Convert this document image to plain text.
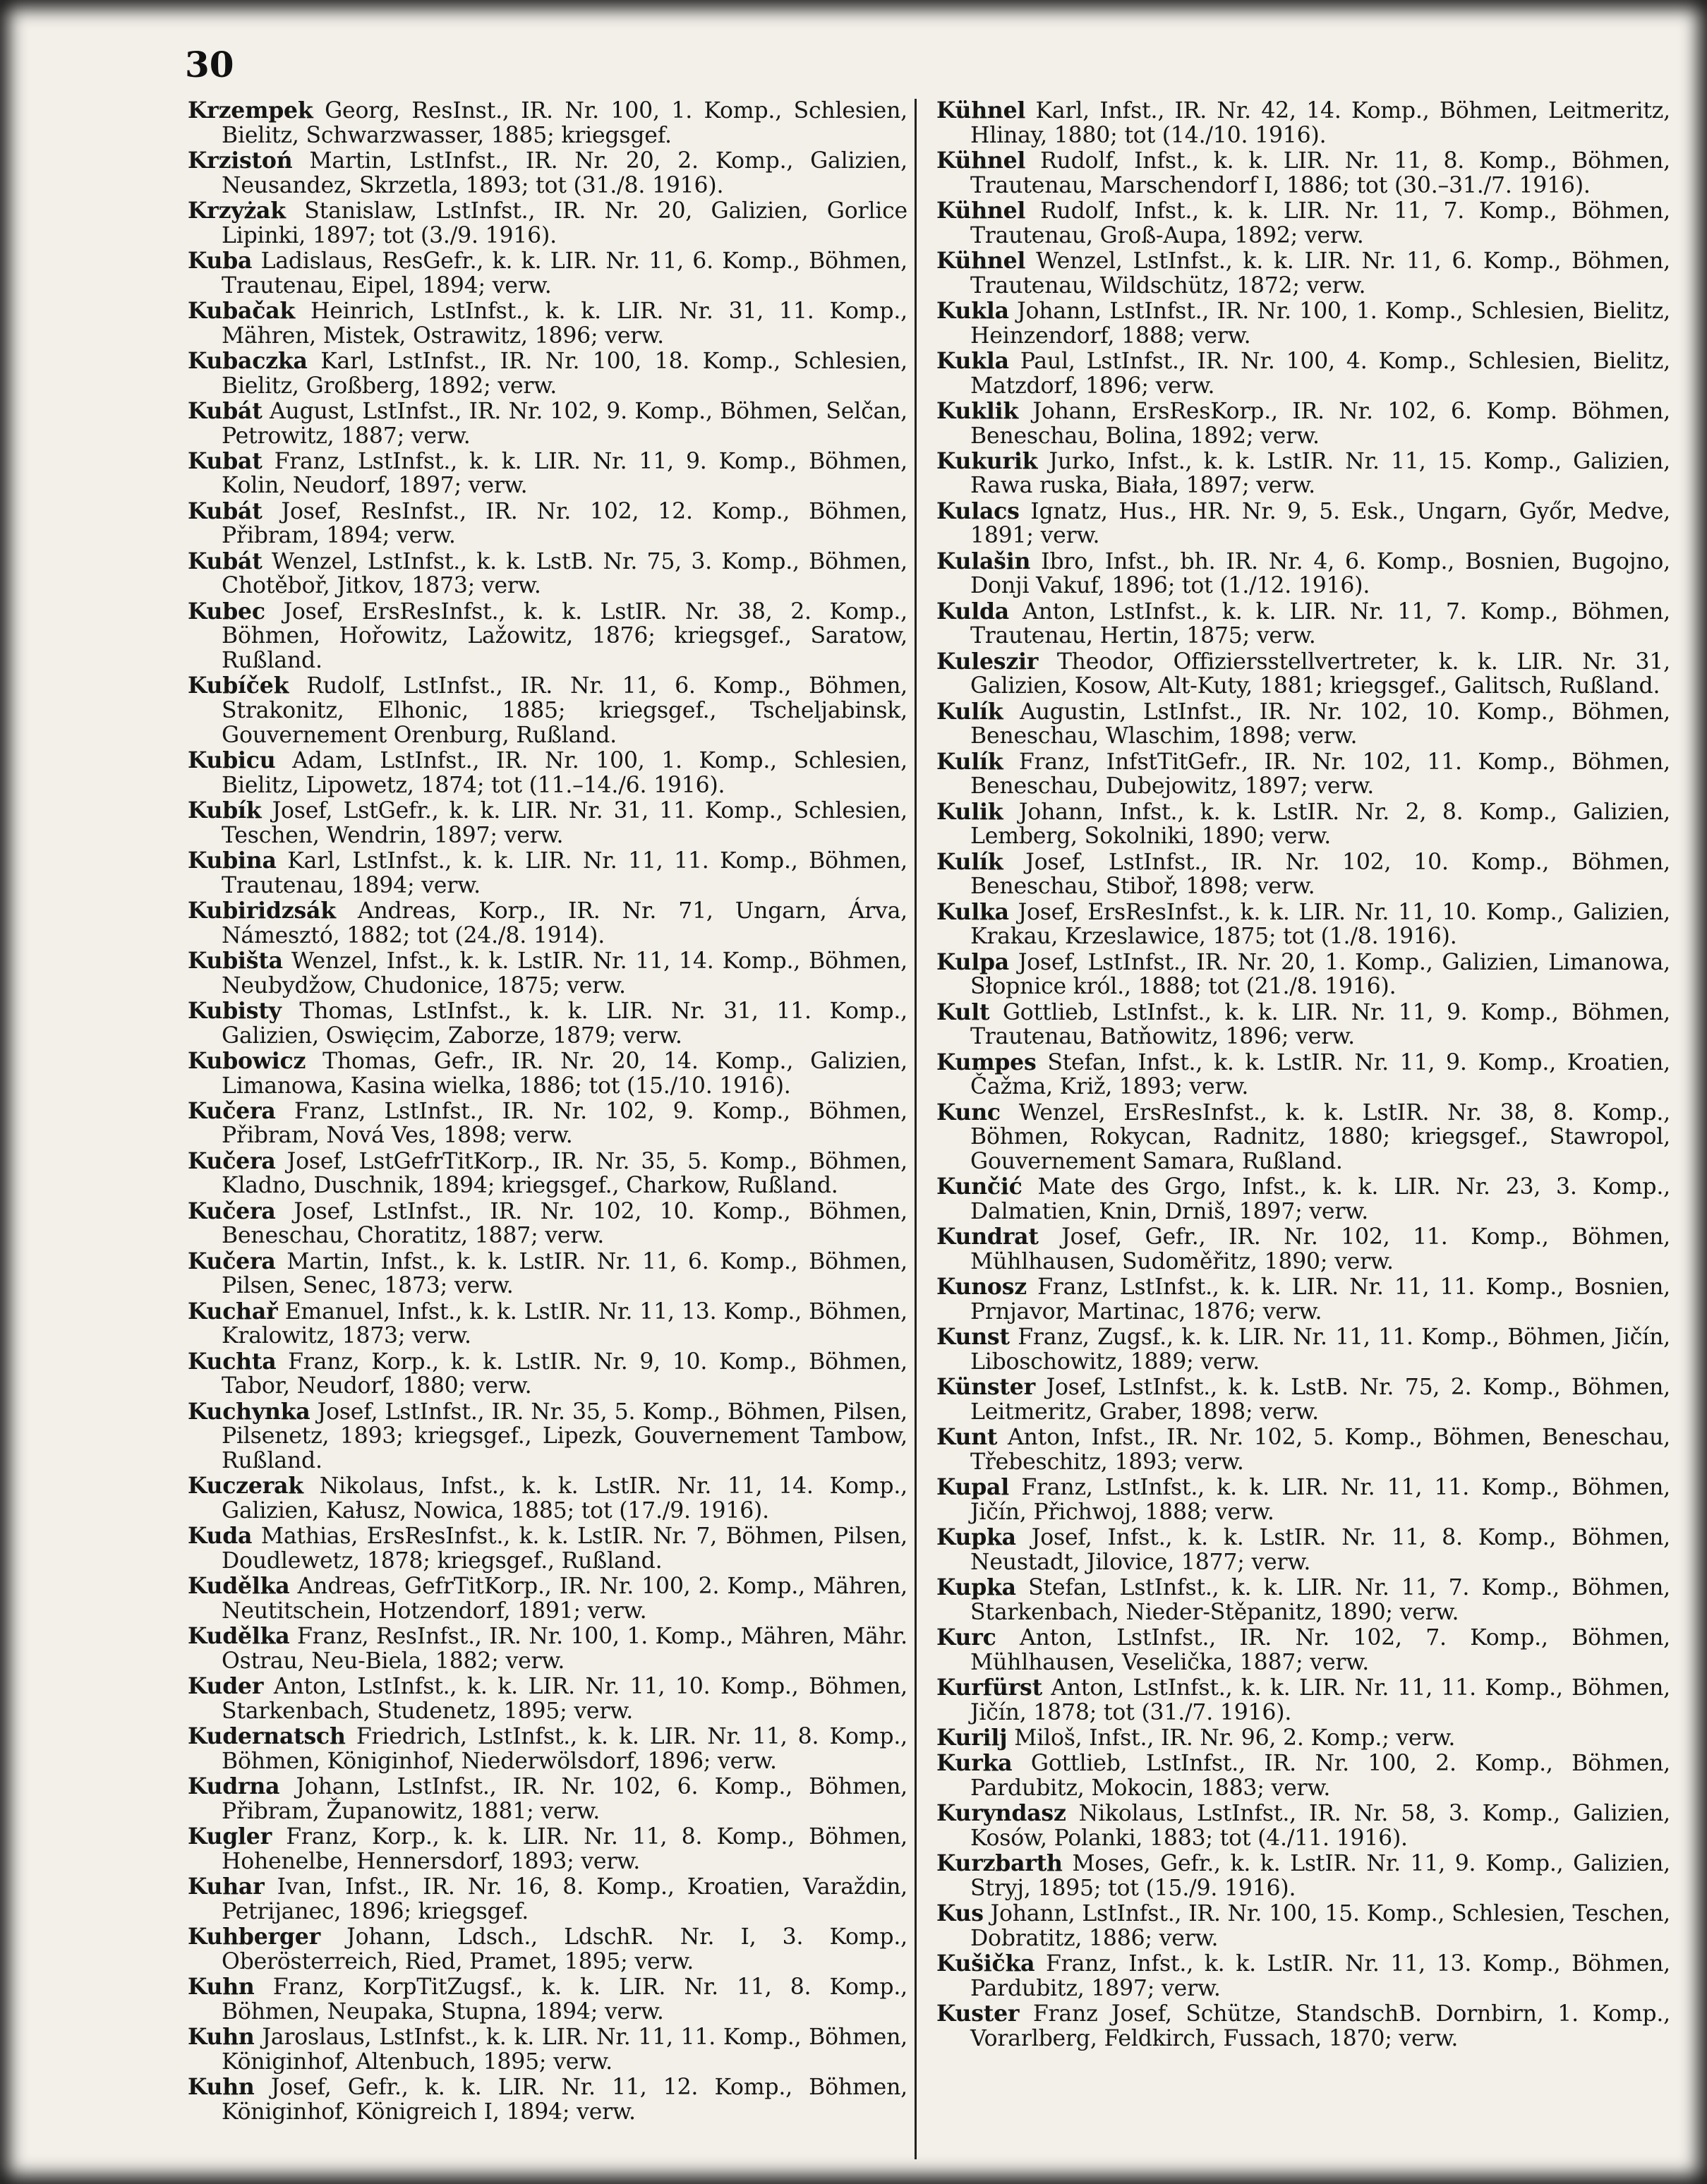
30

Krzempek Georg, ResInst., IR. Nr. 100, 1. Komp., Schlesien, Bielitz, Schwarzwasser, 1885; kriegsgef.

Krzistoń Martin, LstInfst., IR. Nr. 20, 2. Komp., Galizien, Neusandez, Skrzetla, 1893; tot (31./8. 1916).

Krzyżak Stanislaw, LstInfst., IR. Nr. 20, Galizien, Gorlice Lipinki, 1897; tot (3./9. 1916).

Kuba Ladislaus, ResGefr., k. k. LIR. Nr. 11, 6. Komp., Böhmen, Trautenau, Eipel, 1894; verw.

Kubačak Heinrich, LstInfst., k. k. LIR. Nr. 31, 11. Komp., Mähren, Mistek, Ostrawitz, 1896; verw.

Kubaczka Karl, LstInfst., IR. Nr. 100, 18. Komp., Schlesien, Bielitz, Großberg, 1892; verw.

Kubát August, LstInfst., IR. Nr. 102, 9. Komp., Böhmen, Selčan, Petrowitz, 1887; verw.

Kubat Franz, LstInfst., k. k. LIR. Nr. 11, 9. Komp., Böhmen, Kolin, Neudorf, 1897; verw.

Kubát Josef, ResInfst., IR. Nr. 102, 12. Komp., Böhmen, Přibram, 1894; verw.

Kubát Wenzel, LstInfst., k. k. LstB. Nr. 75, 3. Komp., Böhmen, Chotěboř, Jitkov, 1873; verw.

Kubec Josef, ErsResInfst., k. k. LstIR. Nr. 38, 2. Komp., Böhmen, Hořowitz, Lažowitz, 1876; kriegsgef., Saratow, Rußland.

Kubíček Rudolf, LstInfst., IR. Nr. 11, 6. Komp., Böhmen, Strakonitz, Elhonic, 1885; kriegsgef., Tscheljabinsk, Gouvernement Orenburg, Rußland.

Kubicu Adam, LstInfst., IR. Nr. 100, 1. Komp., Schlesien, Bielitz, Lipowetz, 1874; tot (11.–14./6. 1916).

Kubík Josef, LstGefr., k. k. LIR. Nr. 31, 11. Komp., Schlesien, Teschen, Wendrin, 1897; verw.

Kubina Karl, LstInfst., k. k. LIR. Nr. 11, 11. Komp., Böhmen, Trautenau, 1894; verw.

Kubiridzsák Andreas, Korp., IR. Nr. 71, Ungarn, Árva, Námesztó, 1882; tot (24./8. 1914).

Kubišta Wenzel, Infst., k. k. LstIR. Nr. 11, 14. Komp., Böhmen, Neubydžow, Chudonice, 1875; verw.

Kubisty Thomas, LstInfst., k. k. LIR. Nr. 31, 11. Komp., Galizien, Oswięcim, Zaborze, 1879; verw.

Kubowicz Thomas, Gefr., IR. Nr. 20, 14. Komp., Galizien, Limanowa, Kasina wielka, 1886; tot (15./10. 1916).

Kučera Franz, LstInfst., IR. Nr. 102, 9. Komp., Böhmen, Přibram, Nová Ves, 1898; verw.

Kučera Josef, LstGefrTitKorp., IR. Nr. 35, 5. Komp., Böhmen, Kladno, Duschnik, 1894; kriegsgef., Charkow, Rußland.

Kučera Josef, LstInfst., IR. Nr. 102, 10. Komp., Böhmen, Beneschau, Choratitz, 1887; verw.

Kučera Martin, Infst., k. k. LstIR. Nr. 11, 6. Komp., Böhmen, Pilsen, Senec, 1873; verw.

Kuchař Emanuel, Infst., k. k. LstIR. Nr. 11, 13. Komp., Böhmen, Kralowitz, 1873; verw.

Kuchta Franz, Korp., k. k. LstIR. Nr. 9, 10. Komp., Böhmen, Tabor, Neudorf, 1880; verw.

Kuchynka Josef, LstInfst., IR. Nr. 35, 5. Komp., Böhmen, Pilsen, Pilsenetz, 1893; kriegsgef., Lipezk, Gouvernement Tambow, Rußland.

Kuczerak Nikolaus, Infst., k. k. LstIR. Nr. 11, 14. Komp., Galizien, Kałusz, Nowica, 1885; tot (17./9. 1916).

Kuda Mathias, ErsResInfst., k. k. LstIR. Nr. 7, Böhmen, Pilsen, Doudlewetz, 1878; kriegsgef., Rußland.

Kudělka Andreas, GefrTitKorp., IR. Nr. 100, 2. Komp., Mähren, Neutitschein, Hotzendorf, 1891; verw.

Kudělka Franz, ResInfst., IR. Nr. 100, 1. Komp., Mähren, Mähr. Ostrau, Neu-Biela, 1882; verw.

Kuder Anton, LstInfst., k. k. LIR. Nr. 11, 10. Komp., Böhmen, Starkenbach, Studenetz, 1895; verw.

Kudernatsch Friedrich, LstInfst., k. k. LIR. Nr. 11, 8. Komp., Böhmen, Königinhof, Niederwölsdorf, 1896; verw.

Kudrna Johann, LstInfst., IR. Nr. 102, 6. Komp., Böhmen, Přibram, Županowitz, 1881; verw.

Kugler Franz, Korp., k. k. LIR. Nr. 11, 8. Komp., Böhmen, Hohenelbe, Hennersdorf, 1893; verw.

Kuhar Ivan, Infst., IR. Nr. 16, 8. Komp., Kroatien, Varaždin, Petrijanec, 1896; kriegsgef.

Kuhberger Johann, Ldsch., LdschR. Nr. I, 3. Komp., Oberösterreich, Ried, Pramet, 1895; verw.

Kuhn Franz, KorpTitZugsf., k. k. LIR. Nr. 11, 8. Komp., Böhmen, Neupaka, Stupna, 1894; verw.

Kuhn Jaroslaus, LstInfst., k. k. LIR. Nr. 11, 11. Komp., Böhmen, Königinhof, Altenbuch, 1895; verw.

Kuhn Josef, Gefr., k. k. LIR. Nr. 11, 12. Komp., Böhmen, Königinhof, Königreich I, 1894; verw.

Kühnel Karl, Infst., IR. Nr. 42, 14. Komp., Böhmen, Leitmeritz, Hlinay, 1880; tot (14./10. 1916).

Kühnel Rudolf, Infst., k. k. LIR. Nr. 11, 8. Komp., Böhmen, Trautenau, Marschendorf I, 1886; tot (30.–31./7. 1916).

Kühnel Rudolf, Infst., k. k. LIR. Nr. 11, 7. Komp., Böhmen, Trautenau, Groß-Aupa, 1892; verw.

Kühnel Wenzel, LstInfst., k. k. LIR. Nr. 11, 6. Komp., Böhmen, Trautenau, Wildschütz, 1872; verw.

Kukla Johann, LstInfst., IR. Nr. 100, 1. Komp., Schlesien, Bielitz, Heinzendorf, 1888; verw.

Kukla Paul, LstInfst., IR. Nr. 100, 4. Komp., Schlesien, Bielitz, Matzdorf, 1896; verw.

Kuklik Johann, ErsResKorp., IR. Nr. 102, 6. Komp. Böhmen, Beneschau, Bolina, 1892; verw.

Kukurik Jurko, Infst., k. k. LstIR. Nr. 11, 15. Komp., Galizien, Rawa ruska, Biała, 1897; verw.

Kulacs Ignatz, Hus., HR. Nr. 9, 5. Esk., Ungarn, Győr, Medve, 1891; verw.

Kulašin Ibro, Infst., bh. IR. Nr. 4, 6. Komp., Bosnien, Bugojno, Donji Vakuf, 1896; tot (1./12. 1916).

Kulda Anton, LstInfst., k. k. LIR. Nr. 11, 7. Komp., Böhmen, Trautenau, Hertin, 1875; verw.

Kuleszir Theodor, Offiziersstellvertreter, k. k. LIR. Nr. 31, Galizien, Kosow, Alt-Kuty, 1881; kriegsgef., Galitsch, Rußland.

Kulík Augustin, LstInfst., IR. Nr. 102, 10. Komp., Böhmen, Beneschau, Wlaschim, 1898; verw.

Kulík Franz, InfstTitGefr., IR. Nr. 102, 11. Komp., Böhmen, Beneschau, Dubejowitz, 1897; verw.

Kulik Johann, Infst., k. k. LstIR. Nr. 2, 8. Komp., Galizien, Lemberg, Sokolniki, 1890; verw.

Kulík Josef, LstInfst., IR. Nr. 102, 10. Komp., Böhmen, Beneschau, Stiboř, 1898; verw.

Kulka Josef, ErsResInfst., k. k. LIR. Nr. 11, 10. Komp., Galizien, Krakau, Krzeslawice, 1875; tot (1./8. 1916).

Kulpa Josef, LstInfst., IR. Nr. 20, 1. Komp., Galizien, Limanowa, Słopnice król., 1888; tot (21./8. 1916).

Kult Gottlieb, LstInfst., k. k. LIR. Nr. 11, 9. Komp., Böhmen, Trautenau, Batňowitz, 1896; verw.

Kumpes Stefan, Infst., k. k. LstIR. Nr. 11, 9. Komp., Kroatien, Čažma, Križ, 1893; verw.

Kunc Wenzel, ErsResInfst., k. k. LstIR. Nr. 38, 8. Komp., Böhmen, Rokycan, Radnitz, 1880; kriegsgef., Stawropol, Gouvernement Samara, Rußland.

Kunčić Mate des Grgo, Infst., k. k. LIR. Nr. 23, 3. Komp., Dalmatien, Knin, Drniš, 1897; verw.

Kundrat Josef, Gefr., IR. Nr. 102, 11. Komp., Böhmen, Mühlhausen, Sudoměřitz, 1890; verw.

Kunosz Franz, LstInfst., k. k. LIR. Nr. 11, 11. Komp., Bosnien, Prnjavor, Martinac, 1876; verw.

Kunst Franz, Zugsf., k. k. LIR. Nr. 11, 11. Komp., Böhmen, Jičín, Liboschowitz, 1889; verw.

Künster Josef, LstInfst., k. k. LstB. Nr. 75, 2. Komp., Böhmen, Leitmeritz, Graber, 1898; verw.

Kunt Anton, Infst., IR. Nr. 102, 5. Komp., Böhmen, Beneschau, Třebeschitz, 1893; verw.

Kupal Franz, LstInfst., k. k. LIR. Nr. 11, 11. Komp., Böhmen, Jičín, Přichwoj, 1888; verw.

Kupka Josef, Infst., k. k. LstIR. Nr. 11, 8. Komp., Böhmen, Neustadt, Jilovice, 1877; verw.

Kupka Stefan, LstInfst., k. k. LIR. Nr. 11, 7. Komp., Böhmen, Starkenbach, Nieder-Stěpanitz, 1890; verw.

Kurc Anton, LstInfst., IR. Nr. 102, 7. Komp., Böhmen, Mühlhausen, Veselička, 1887; verw.

Kurfürst Anton, LstInfst., k. k. LIR. Nr. 11, 11. Komp., Böhmen, Jičín, 1878; tot (31./7. 1916).

Kurilj Miloš, Infst., IR. Nr. 96, 2. Komp.; verw.

Kurka Gottlieb, LstInfst., IR. Nr. 100, 2. Komp., Böhmen, Pardubitz, Mokocin, 1883; verw.

Kuryndasz Nikolaus, LstInfst., IR. Nr. 58, 3. Komp., Galizien, Kosów, Polanki, 1883; tot (4./11. 1916).

Kurzbarth Moses, Gefr., k. k. LstIR. Nr. 11, 9. Komp., Galizien, Stryj, 1895; tot (15./9. 1916).

Kus Johann, LstInfst., IR. Nr. 100, 15. Komp., Schlesien, Teschen, Dobratitz, 1886; verw.

Kušička Franz, Infst., k. k. LstIR. Nr. 11, 13. Komp., Böhmen, Pardubitz, 1897; verw.

Kuster Franz Josef, Schütze, StandschB. Dornbirn, 1. Komp., Vorarlberg, Feldkirch, Fussach, 1870; verw.
